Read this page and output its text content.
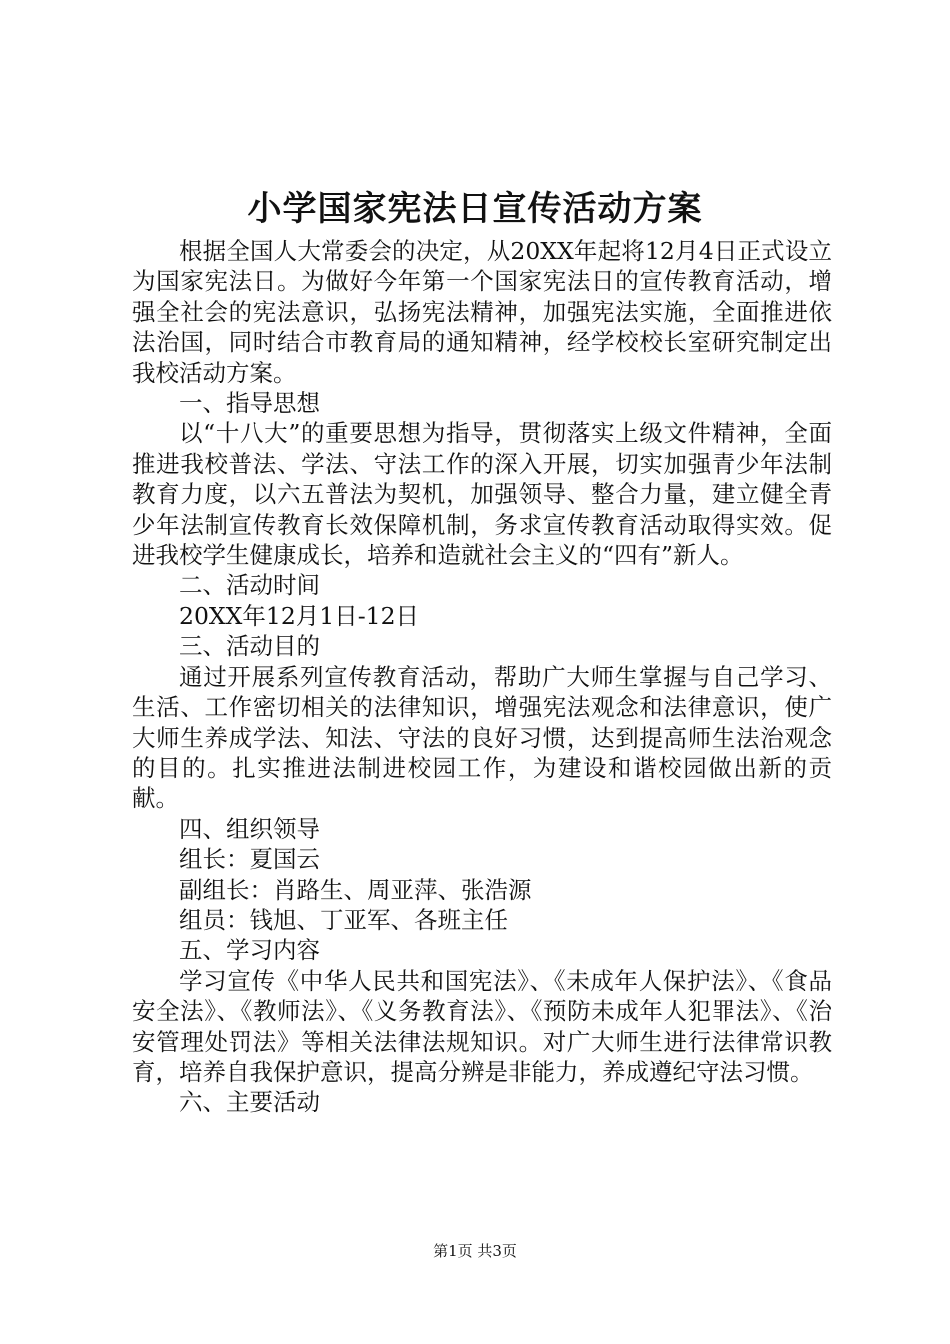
小学国家宪法日宣传活动方案

根据全国人大常委会的决定，从20XX年起将12月4日正式设立为国家宪法日。为做好今年第一个国家宪法日的宣传教育活动，增强全社会的宪法意识，弘扬宪法精神，加强宪法实施，全面推进依法治国，同时结合市教育局的通知精神，经学校校长室研究制定出我校活动方案。

一、指导思想

以“十八大”的重要思想为指导，贯彻落实上级文件精神，全面推进我校普法、学法、守法工作的深入开展，切实加强青少年法制教育力度，以六五普法为契机，加强领导、整合力量，建立健全青少年法制宣传教育长效保障机制，务求宣传教育活动取得实效。促进我校学生健康成长，培养和造就社会主义的“四有”新人。

二、活动时间

20XX年12月1日-12日

三、活动目的

通过开展系列宣传教育活动，帮助广大师生掌握与自己学习、生活、工作密切相关的法律知识，增强宪法观念和法律意识，使广大师生养成学法、知法、守法的良好习惯，达到提高师生法治观念的目的。扎实推进法制进校园工作，为建设和谐校园做出新的贡献。

四、组织领导

组长：夏国云

副组长：肖路生、周亚萍、张浩源

组员：钱旭、丁亚军、各班主任

五、学习内容

学习宣传《中华人民共和国宪法》、《未成年人保护法》、《食品安全法》、《教师法》、《义务教育法》、《预防未成年人犯罪法》、《治安管理处罚法》等相关法律法规知识。对广大师生进行法律常识教育，培养自我保护意识，提高分辨是非能力，养成遵纪守法习惯。

六、主要活动

第1页 共3页
